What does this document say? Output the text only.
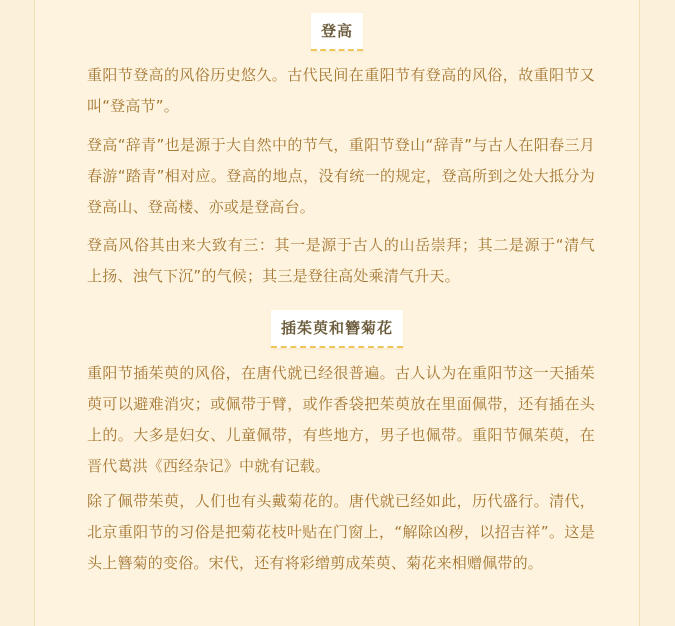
登高

重阳节登高的风俗历史悠久。古代民间在重阳节有登高的风俗，故重阳节又叫“登高节”。

登高“辞青”也是源于大自然中的节气，重阳节登山“辞青”与古人在阳春三月春游“踏青”相对应。登高的地点，没有统一的规定，登高所到之处大抵分为登高山、登高楼、亦或是登高台。

登高风俗其由来大致有三：其一是源于古人的山岳崇拜；其二是源于“清气上扬、浊气下沉”的气候；其三是登往高处乘清气升天。

插茱萸和簪菊花

重阳节插茱萸的风俗，在唐代就已经很普遍。古人认为在重阳节这一天插茱萸可以避难消灾；或佩带于臂，或作香袋把茱萸放在里面佩带，还有插在头上的。大多是妇女、儿童佩带，有些地方，男子也佩带。重阳节佩茱萸，在晋代葛洪《西经杂记》中就有记载。

除了佩带茱萸，人们也有头戴菊花的。唐代就已经如此，历代盛行。清代，北京重阳节的习俗是把菊花枝叶贴在门窗上，“解除凶秽，以招吉祥”。这是头上簪菊的变俗。宋代，还有将彩缯剪成茱萸、菊花来相赠佩带的。
